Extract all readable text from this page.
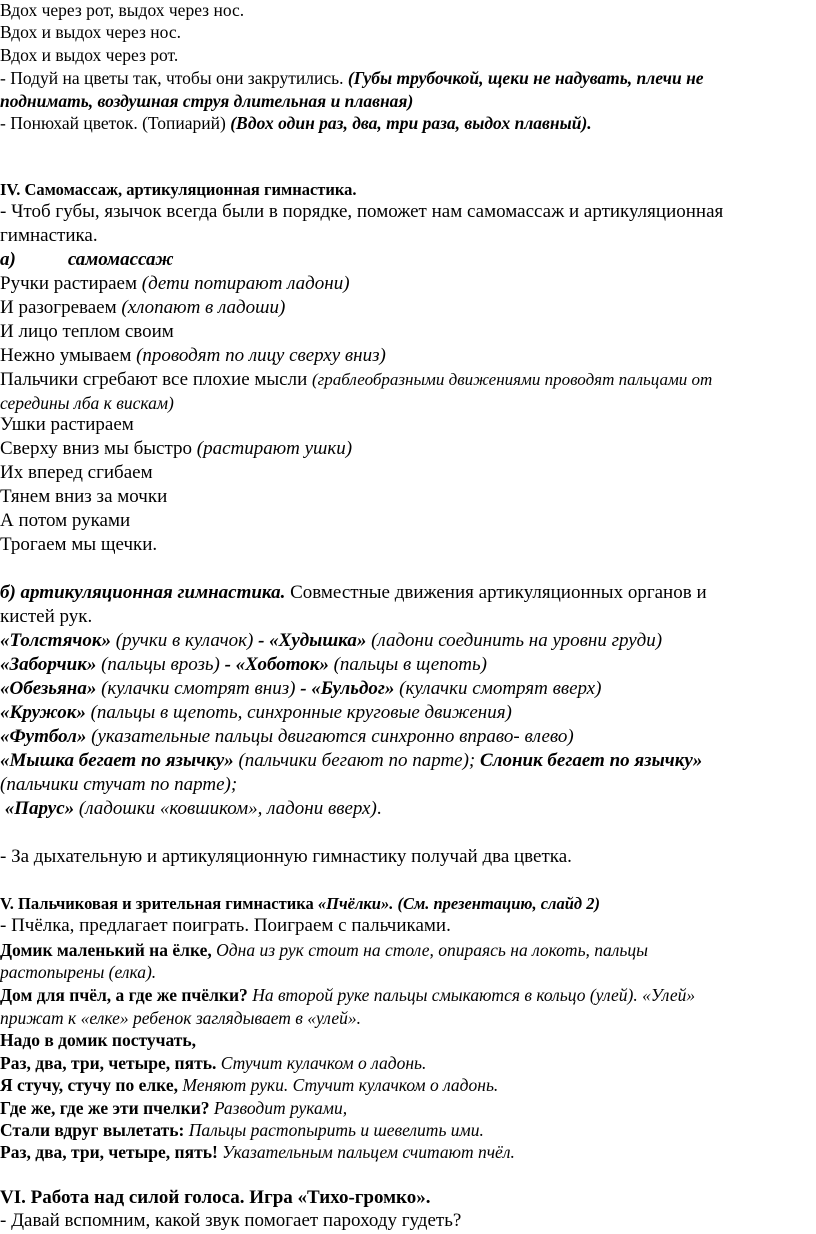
Вдох через рот, выдох через нос.
Вдох и выдох через нос.
Вдох и выдох через рот.
- Подуй на цветы так, чтобы они закрутились. (Губы трубочкой, щеки не надувать, плечи не
поднимать, воздушная струя длительная и плавная)
- Понюхай цветок. (Топиарий) (Вдох один раз, два, три раза, выдох плавный).
IV. Самомассаж, артикуляционная гимнастика.
- Чтоб губы, язычок всегда были в порядке, поможет нам самомассаж и артикуляционная
гимнастика.
а)	самомассаж
Ручки растираем (дети потирают ладони)
И разогреваем (хлопают в ладоши)
И лицо теплом своим
Нежно умываем (проводят по лицу сверху вниз)
Пальчики сгребают все плохие мысли (граблеобразными движениями проводят пальцами от
середины лба к вискам)
Ушки растираем
Сверху вниз мы быстро (растирают ушки)
Их вперед сгибаем
Тянем вниз за мочки
А потом руками
Трогаем мы щечки.
б) артикуляционная гимнастика. Совместные движения артикуляционных органов и
кистей рук.
«Толстячок» (ручки в кулачок) - «Худышка» (ладони соединить на уровни груди)
«Заборчик» (пальцы врозь) - «Хоботок» (пальцы в щепоть)
«Обезьяна» (кулачки смотрят вниз) - «Бульдог» (кулачки смотрят вверх)
«Кружок» (пальцы в щепоть, синхронные круговые движения)
«Футбол» (указательные пальцы двигаются синхронно вправо- влево)
«Мышка бегает по язычку» (пальчики бегают по парте); Слоник бегает по язычку»
(пальчики стучат по парте);
«Парус» (ладошки «ковшиком», ладони вверх).
- За дыхательную и артикуляционную гимнастику получай два цветка.
V. Пальчиковая и зрительная гимнастика «Пчёлки». (См. презентацию, слайд 2)
- Пчёлка, предлагает поиграть. Поиграем с пальчиками.
Домик маленький на ёлке, Одна из рук стоит на столе, опираясь на локоть, пальцы
растопырены (елка).
Дом для пчёл, а где же пчёлки? На второй руке пальцы смыкаются в кольцо (улей). «Улей»
прижат к «елке» ребенок заглядывает в «улей».
Надо в домик постучать,
Раз, два, три, четыре, пять. Стучит кулачком о ладонь.
Я стучу, стучу по елке, Меняют руки. Стучит кулачком о ладонь.
Где же, где же эти пчелки? Разводит руками,
Стали вдруг вылетать: Пальцы растопырить и шевелить ими.
Раз, два, три, четыре, пять! Указательным пальцем считают пчёл.
VI. Работа над силой голоса. Игра «Тихо-громко».
- Давай вспомним, какой звук помогает пароходу гудеть?
